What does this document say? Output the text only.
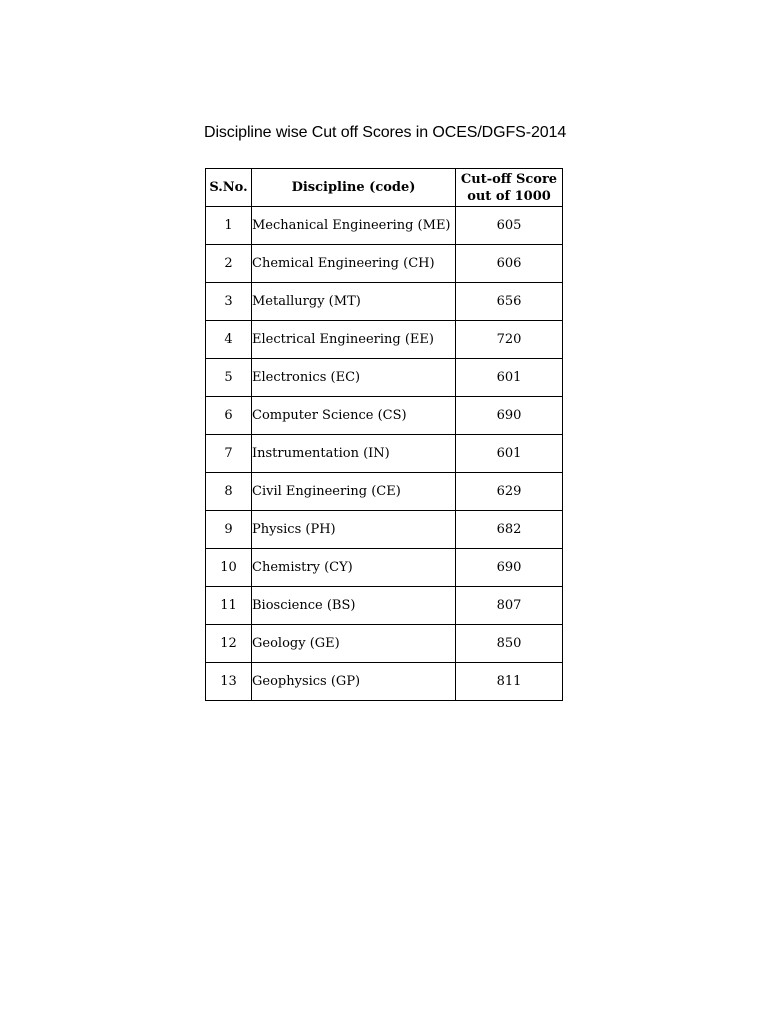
Discipline wise Cut off Scores in OCES/DGFS-2014
S.No.	Discipline (code)	Cut-off Score
out of 1000
1	Mechanical Engineering (ME)	605
2	Chemical Engineering (CH)	606
3	Metallurgy (MT)	656
4	Electrical Engineering (EE)	720
5	Electronics (EC)	601
6	Computer Science (CS)	690
7	Instrumentation (IN)	601
8	Civil Engineering (CE)	629
9	Physics (PH)	682
10	Chemistry (CY)	690
11	Bioscience (BS)	807
12	Geology (GE)	850
13	Geophysics (GP)	811
